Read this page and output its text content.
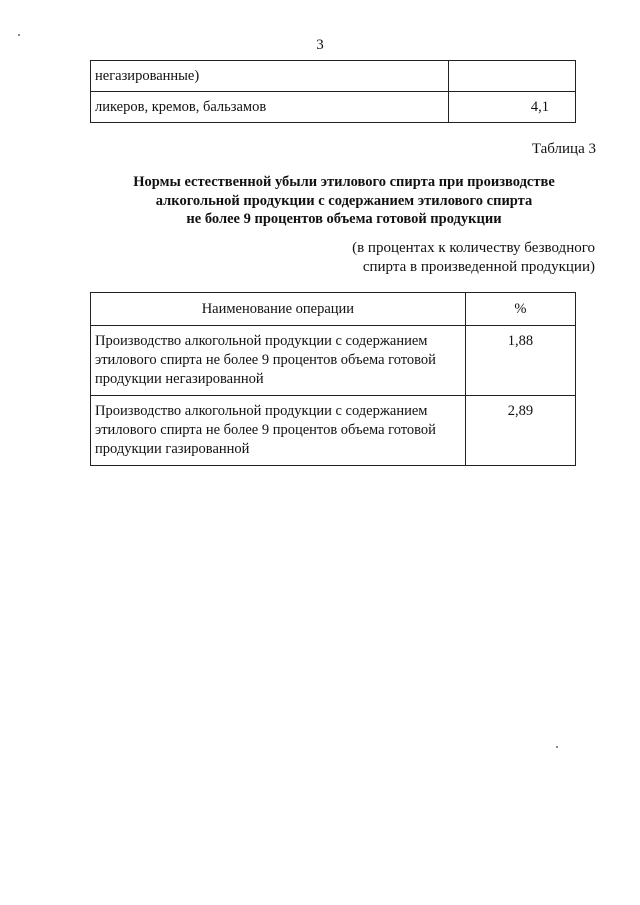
3
негазированные)	
ликеров, кремов, бальзамов	4,1
Таблица 3
Нормы естественной убыли этилового спирта при производстве
алкогольной продукции с содержанием этилового спирта
не более 9 процентов объема готовой продукции
(в процентах к количеству безводного
спирта в произведенной продукции)
Наименование операции	%

Производство алкогольной продукции с содержанием
этилового спирта не более 9 процентов объема готовой
продукции негазированной	1,88

Производство алкогольной продукции с содержанием
этилового спирта не более 9 процентов объема готовой
продукции газированной	2,89
